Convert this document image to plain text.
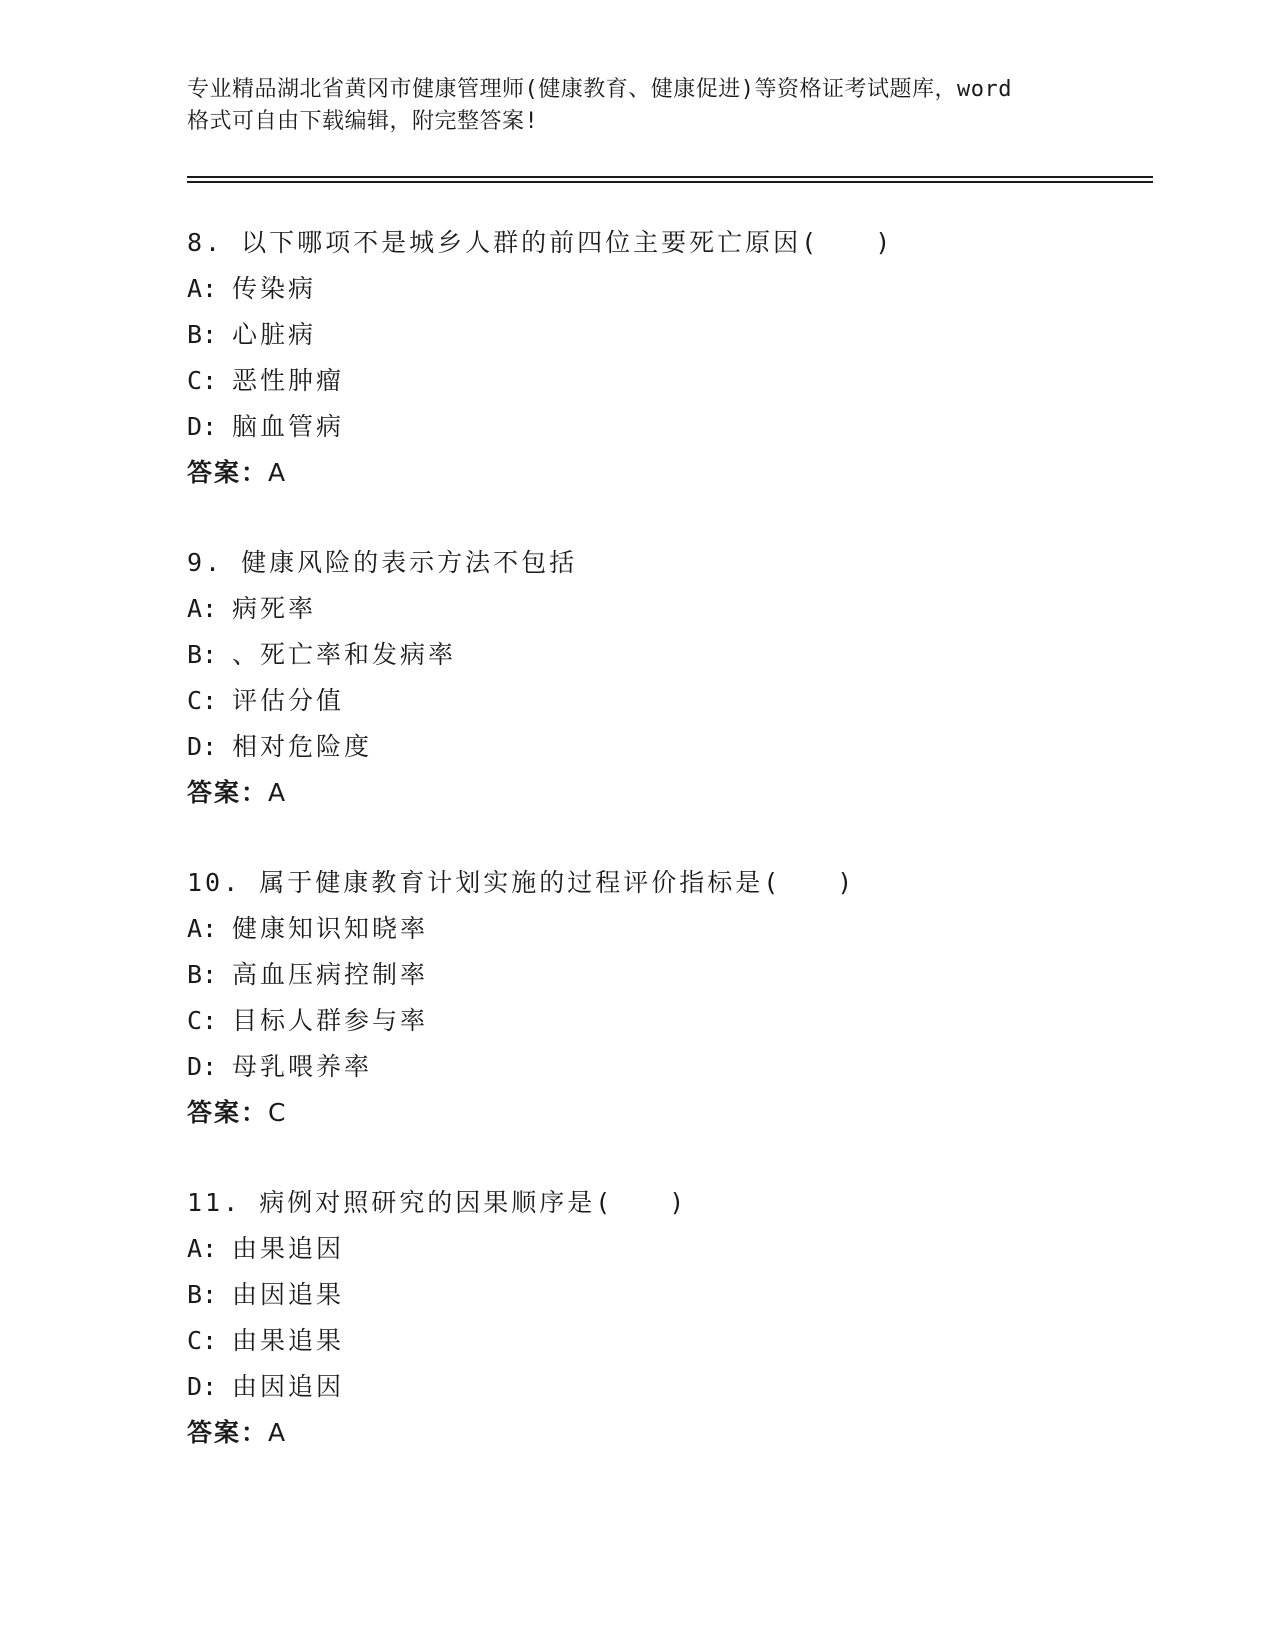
专业精品湖北省黄冈市健康管理师(健康教育、健康促进)等资格证考试题库，word
格式可自由下载编辑，附完整答案!
8. 以下哪项不是城乡人群的前四位主要死亡原因(　　)
A: 传染病
B: 心脏病
C: 恶性肿瘤
D: 脑血管病
答案：A
9. 健康风险的表示方法不包括
A: 病死率
B: 、死亡率和发病率
C: 评估分值
D: 相对危险度
答案：A
10. 属于健康教育计划实施的过程评价指标是(　　)
A: 健康知识知晓率
B: 高血压病控制率
C: 目标人群参与率
D: 母乳喂养率
答案：C
11. 病例对照研究的因果顺序是(　　)
A: 由果追因
B: 由因追果
C: 由果追果
D: 由因追因
答案：A
